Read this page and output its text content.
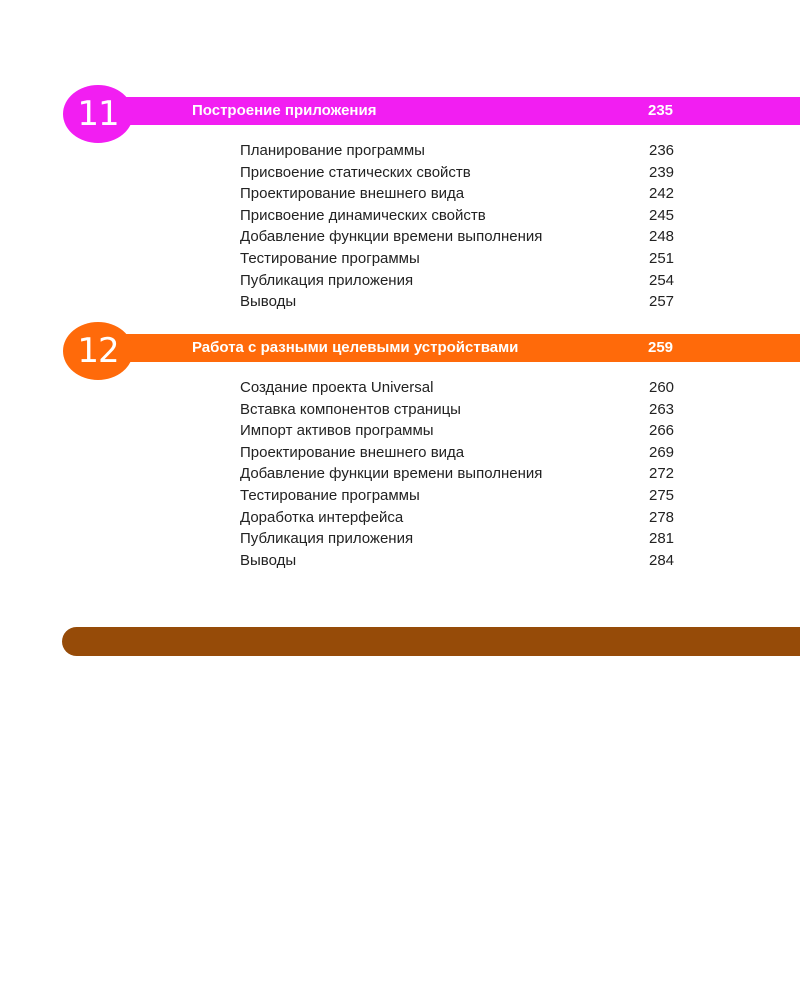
11	Построение приложения	235
Планирование программы	236
Присвоение статических свойств	239
Проектирование внешнего вида	242
Присвоение динамических свойств	245
Добавление функции времени выполнения	248
Тестирование программы	251
Публикация приложения	254
Выводы	257
12	Работа с разными целевыми устройствами	259
Создание проекта Universal	260
Вставка компонентов страницы	263
Импорт активов программы	266
Проектирование внешнего вида	269
Добавление функции времени выполнения	272
Тестирование программы	275
Доработка интерфейса	278
Публикация приложения	281
Выводы	284
